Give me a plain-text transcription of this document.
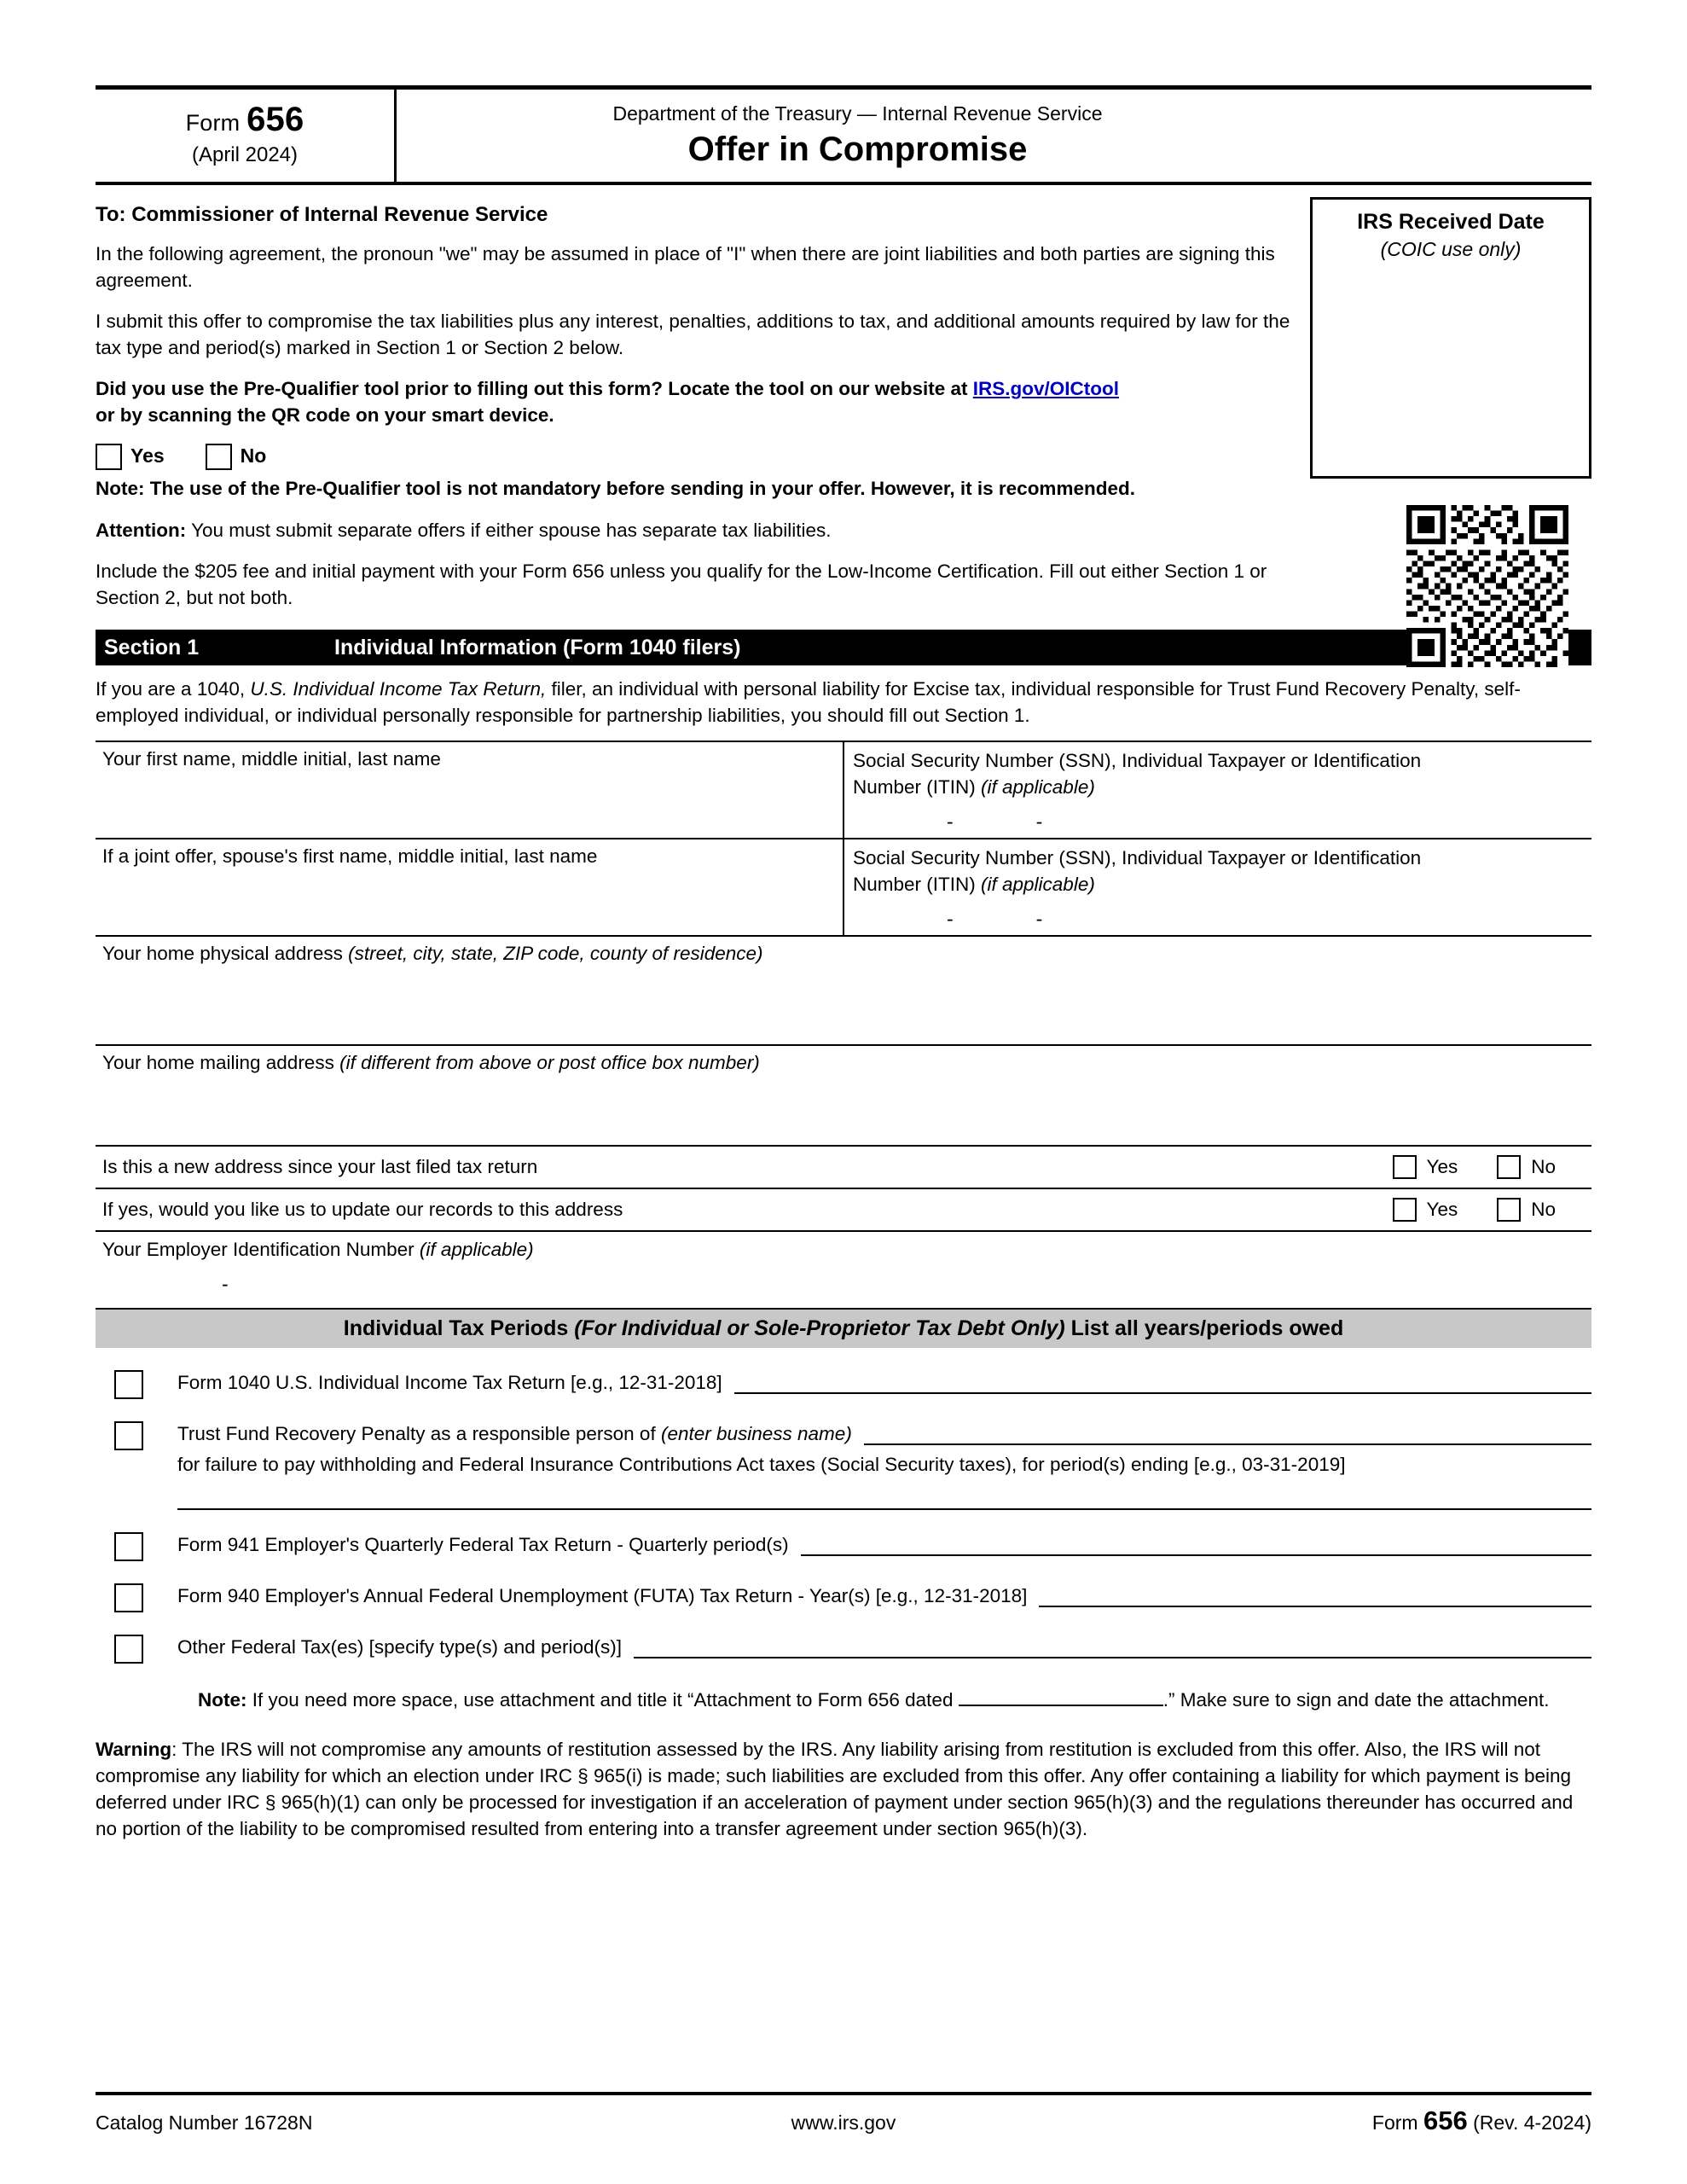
Form 656
(April 2024)
Department of the Treasury — Internal Revenue Service
Offer in Compromise
IRS Received Date
(COIC use only)
To: Commissioner of Internal Revenue Service

In the following agreement, the pronoun "we" may be assumed in place of "I" when there are joint liabilities and both parties are signing this agreement.

I submit this offer to compromise the tax liabilities plus any interest, penalties, additions to tax, and additional amounts required by law for the tax type and period(s) marked in Section 1 or Section 2 below.

Did you use the Pre-Qualifier tool prior to filling out this form? Locate the tool on our website at IRS.gov/OICtool
or by scanning the QR code on your smart device.

Yes	No
Note: The use of the Pre-Qualifier tool is not mandatory before sending in your offer. However, it is recommended.

Attention: You must submit separate offers if either spouse has separate tax liabilities.

Include the $205 fee and initial payment with your Form 656 unless you qualify for the Low-Income Certification. Fill out either Section 1 or Section 2, but not both.

Section 1	Individual Information (Form 1040 filers)
If you are a 1040, U.S. Individual Income Tax Return, filer, an individual with personal liability for Excise tax, individual responsible for Trust Fund Recovery Penalty, self-employed individual, or individual personally responsible for partnership liabilities, you should fill out Section 1.
Your first name, middle initial, last name	Social Security Number (SSN), Individual Taxpayer or Identification
Number (ITIN) (if applicable)
-	-
If a joint offer, spouse's first name, middle initial, last name	Social Security Number (SSN), Individual Taxpayer or Identification
Number (ITIN) (if applicable)
-	-
Your home physical address (street, city, state, ZIP code, county of residence)
Your home mailing address (if different from above or post office box number)
Is this a new address since your last filed tax return	Yes	No
If yes, would you like us to update our records to this address	Yes	No
Your Employer Identification Number (if applicable)
-
Individual Tax Periods (For Individual or Sole-Proprietor Tax Debt Only) List all years/periods owed
Form 1040 U.S. Individual Income Tax Return [e.g., 12-31-2018]
Trust Fund Recovery Penalty as a responsible person of (enter business name)
for failure to pay withholding and Federal Insurance Contributions Act taxes (Social Security taxes), for period(s) ending [e.g., 03-31-2019]
Form 941 Employer's Quarterly Federal Tax Return - Quarterly period(s)
Form 940 Employer's Annual Federal Unemployment (FUTA) Tax Return - Year(s) [e.g., 12-31-2018]
Other Federal Tax(es) [specify type(s) and period(s)]
Note: If you need more space, use attachment and title it “Attachment to Form 656 dated	.” Make sure to sign and date the attachment.
Warning: The IRS will not compromise any amounts of restitution assessed by the IRS. Any liability arising from restitution is excluded from this offer. Also, the IRS will not compromise any liability for which an election under IRC § 965(i) is made; such liabilities are excluded from this offer. Any offer containing a liability for which payment is being deferred under IRC § 965(h)(1) can only be processed for investigation if an acceleration of payment under section 965(h)(3) and the regulations thereunder has occurred and no portion of the liability to be compromised resulted from entering into a transfer agreement under section 965(h)(3).
Catalog Number 16728N	www.irs.gov	Form 656 (Rev. 4-2024)
